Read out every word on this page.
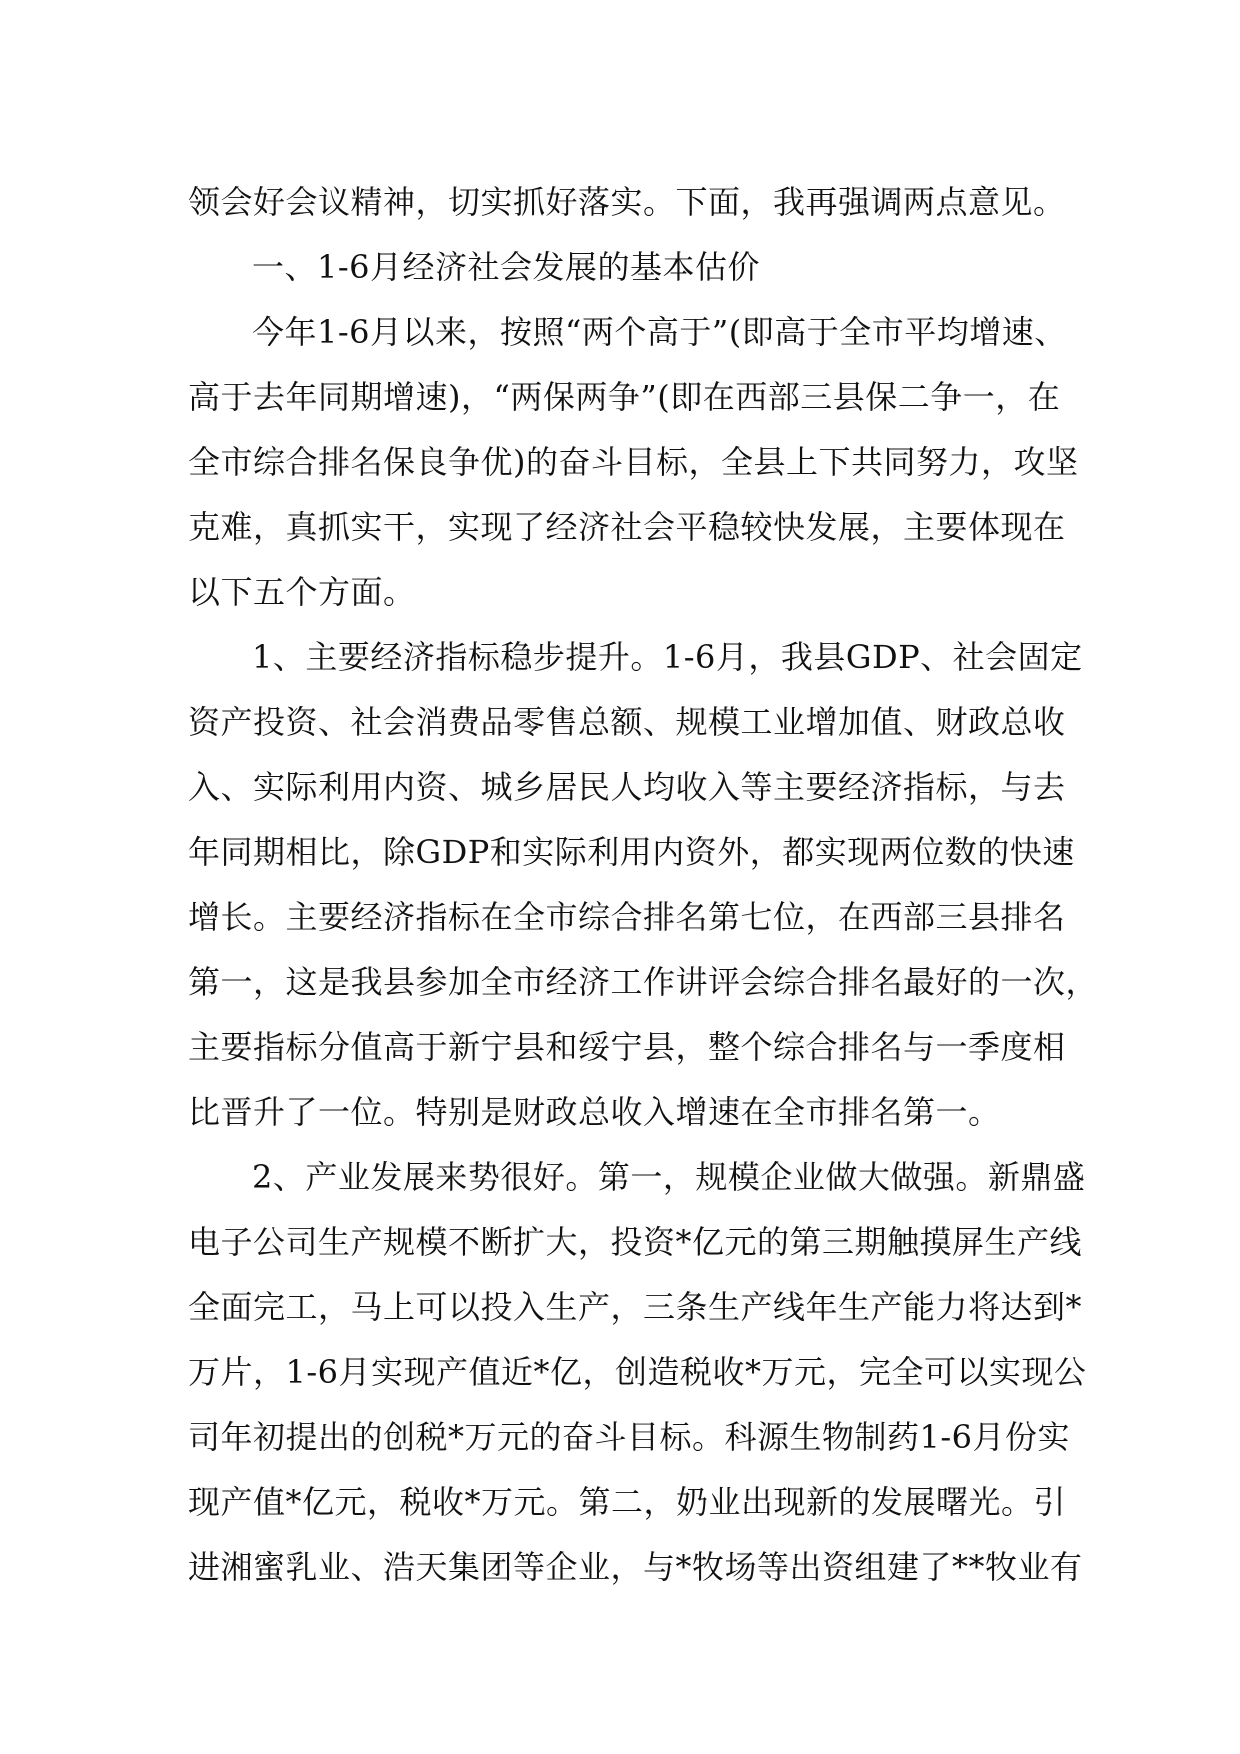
领会好会议精神，切实抓好落实。下面，我再强调两点意见。
一、1-6月经济社会发展的基本估价
今年1-6月以来，按照“两个高于”(即高于全市平均增速、
高于去年同期增速)，“两保两争”(即在西部三县保二争一，在
全市综合排名保良争优)的奋斗目标，全县上下共同努力，攻坚
克难，真抓实干，实现了经济社会平稳较快发展，主要体现在
以下五个方面。
1、主要经济指标稳步提升。1-6月，我县GDP、社会固定
资产投资、社会消费品零售总额、规模工业增加值、财政总收
入、实际利用内资、城乡居民人均收入等主要经济指标，与去
年同期相比，除GDP和实际利用内资外，都实现两位数的快速
增长。主要经济指标在全市综合排名第七位，在西部三县排名
第一，这是我县参加全市经济工作讲评会综合排名最好的一次，
主要指标分值高于新宁县和绥宁县，整个综合排名与一季度相
比晋升了一位。特别是财政总收入增速在全市排名第一。
2、产业发展来势很好。第一，规模企业做大做强。新鼎盛
电子公司生产规模不断扩大，投资*亿元的第三期触摸屏生产线
全面完工，马上可以投入生产，三条生产线年生产能力将达到*
万片，1-6月实现产值近*亿，创造税收*万元，完全可以实现公
司年初提出的创税*万元的奋斗目标。科源生物制药1-6月份实
现产值*亿元，税收*万元。第二，奶业出现新的发展曙光。引
进湘蜜乳业、浩天集团等企业，与*牧场等出资组建了**牧业有
